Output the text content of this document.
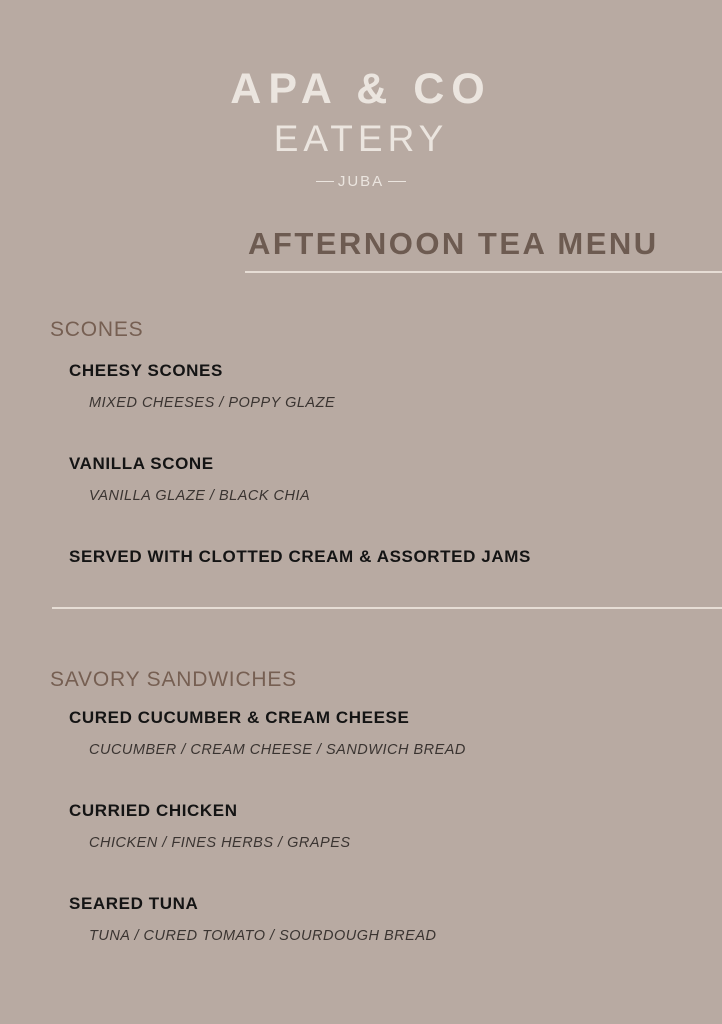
APA & CO
EATERY
JUBA
AFTERNOON TEA MENU
SCONES
CHEESY SCONES
MIXED CHEESES / POPPY GLAZE
VANILLA SCONE
VANILLA GLAZE / BLACK CHIA
SERVED WITH CLOTTED CREAM & ASSORTED JAMS
SAVORY SANDWICHES
CURED CUCUMBER & CREAM CHEESE
CUCUMBER / CREAM CHEESE / SANDWICH BREAD
CURRIED CHICKEN
CHICKEN / FINES HERBS / GRAPES
SEARED TUNA
TUNA / CURED TOMATO / SOURDOUGH BREAD
